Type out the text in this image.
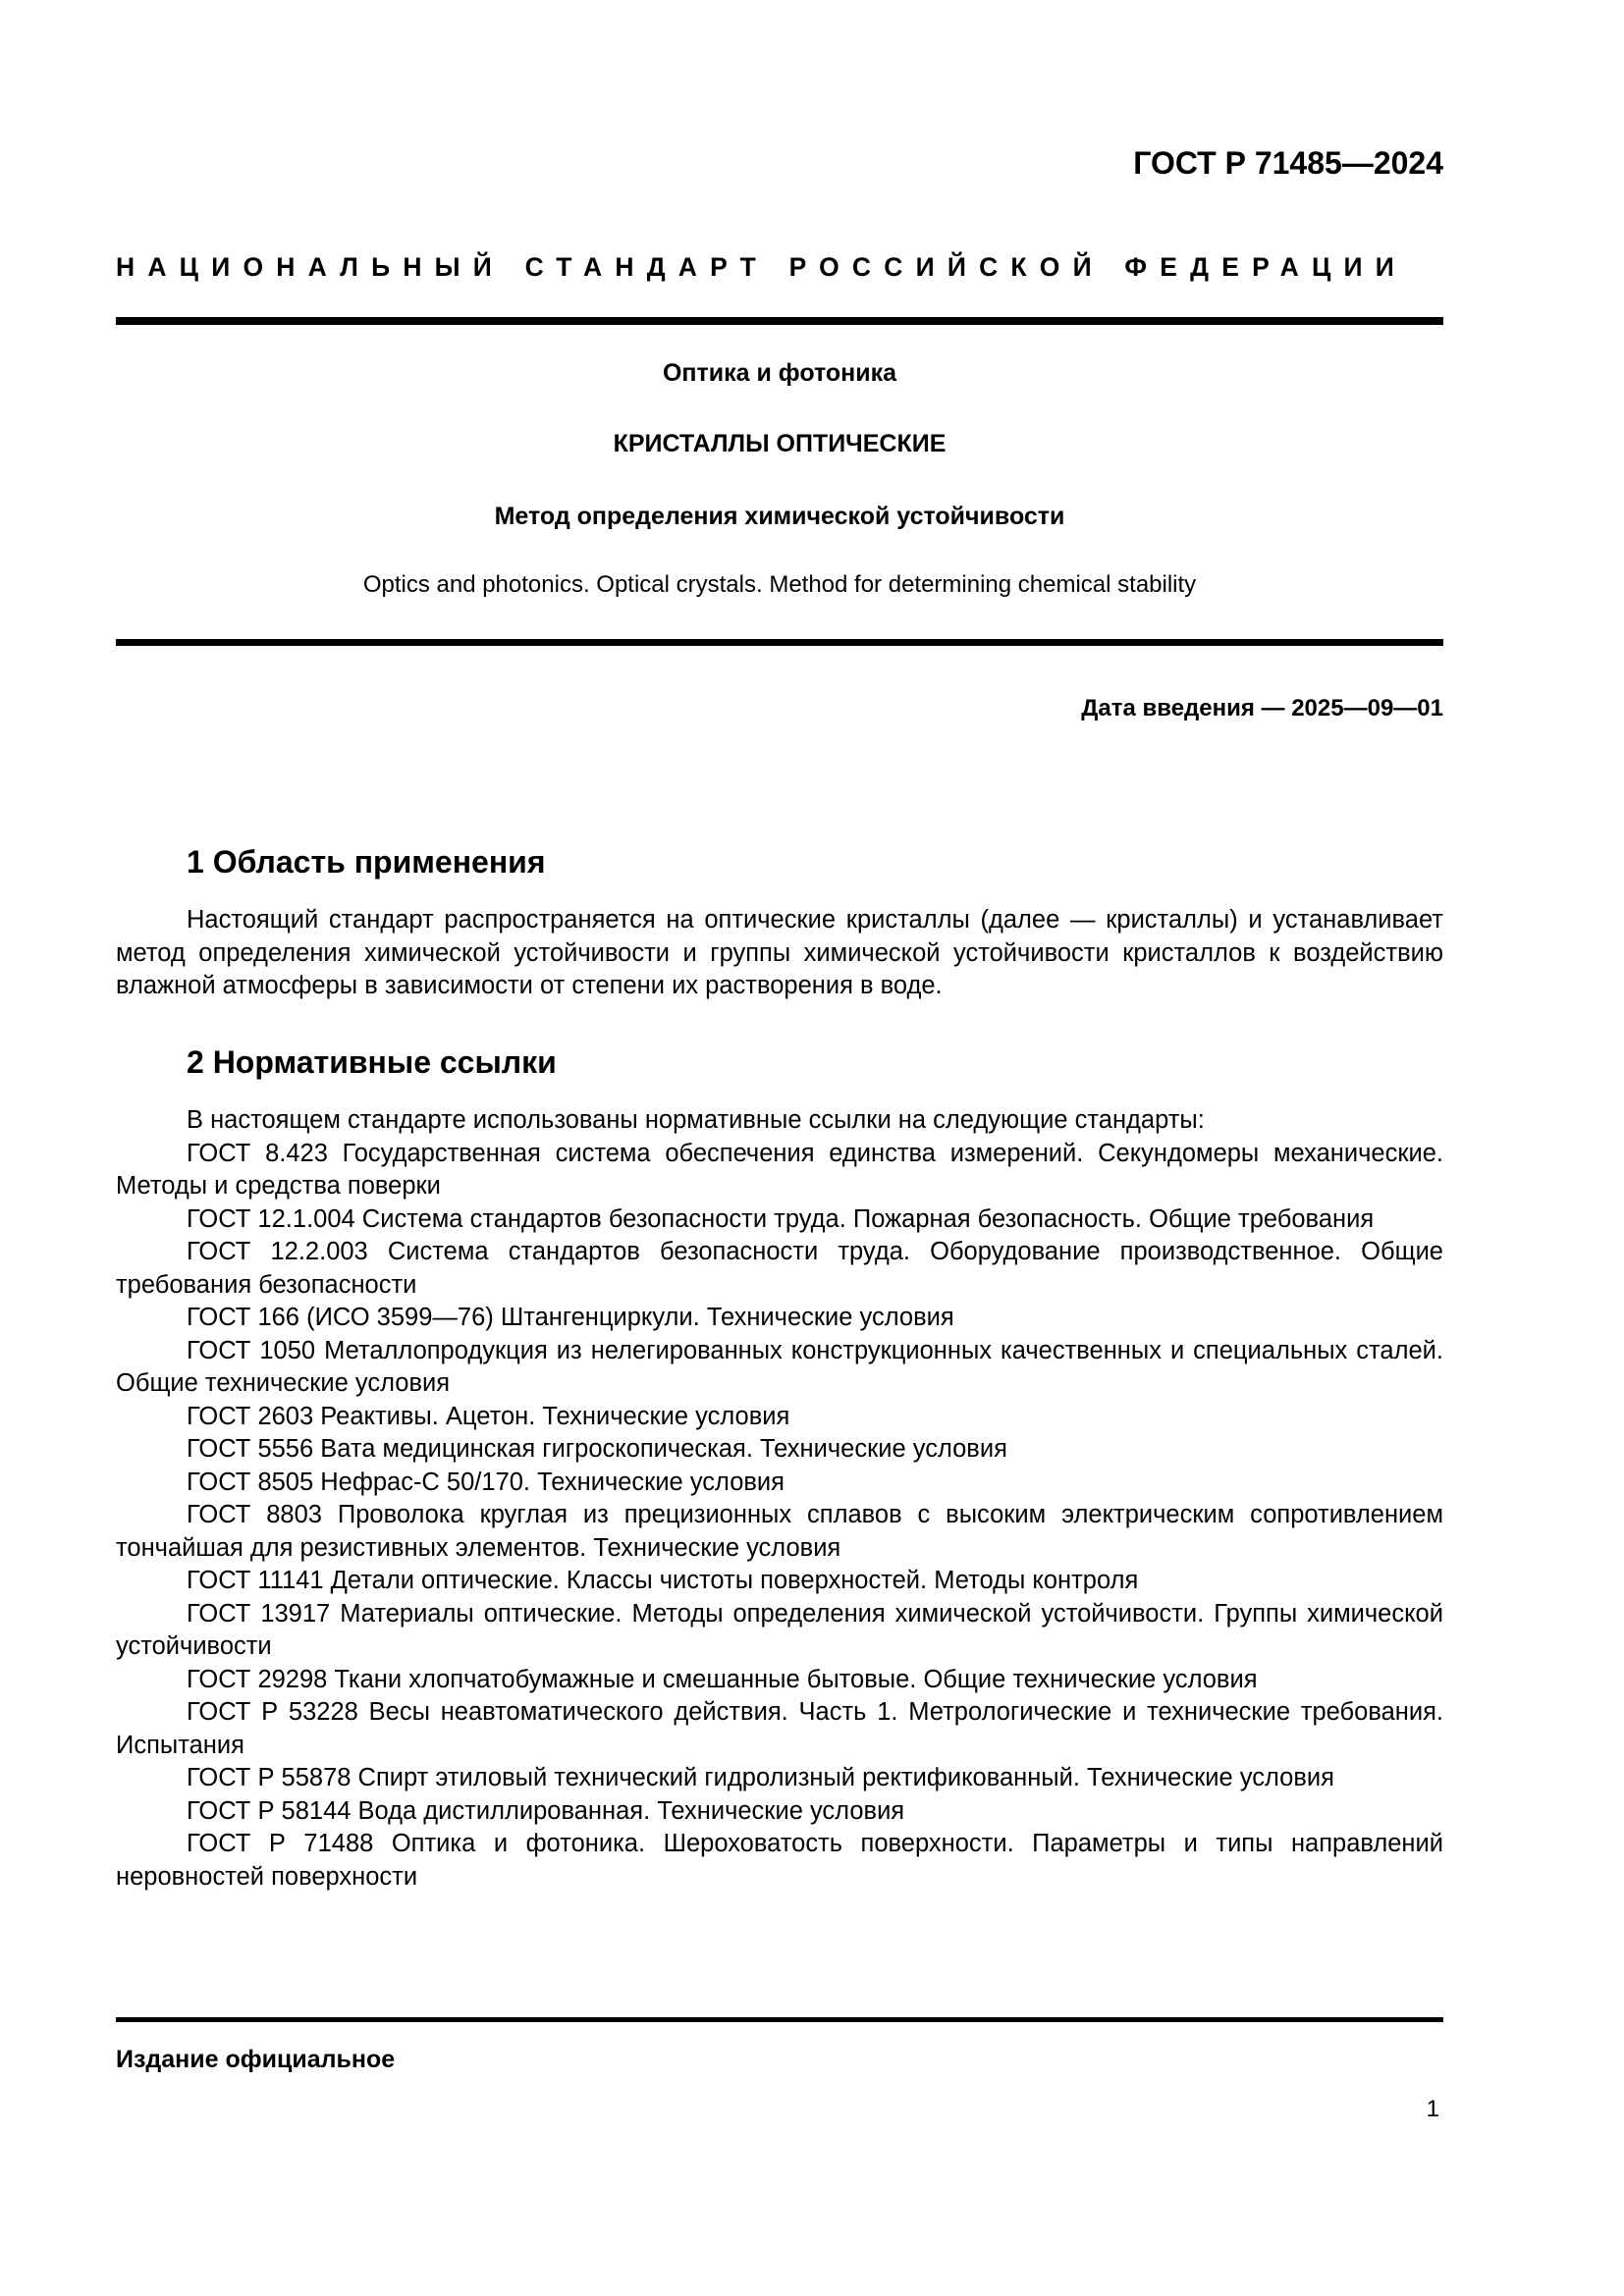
ГОСТ Р 71485—2024
НАЦИОНАЛЬНЫЙ СТАНДАРТ РОССИЙСКОЙ ФЕДЕРАЦИИ
Оптика и фотоника
КРИСТАЛЛЫ ОПТИЧЕСКИЕ
Метод определения химической устойчивости
Optics and photonics. Optical crystals. Method for determining chemical stability
Дата введения — 2025—09—01
1 Область применения

Настоящий стандарт распространяется на оптические кристаллы (далее — кристаллы) и устанавливает метод определения химической устойчивости и группы химической устойчивости кристаллов к воздействию влажной атмосферы в зависимости от степени их растворения в воде.

2 Нормативные ссылки

В настоящем стандарте использованы нормативные ссылки на следующие стандарты:

ГОСТ 8.423 Государственная система обеспечения единства измерений. Секундомеры механические. Методы и средства поверки

ГОСТ 12.1.004 Система стандартов безопасности труда. Пожарная безопасность. Общие требования

ГОСТ 12.2.003 Система стандартов безопасности труда. Оборудование производственное. Общие требования безопасности

ГОСТ 166 (ИСО 3599—76) Штангенциркули. Технические условия

ГОСТ 1050 Металлопродукция из нелегированных конструкционных качественных и специальных сталей. Общие технические условия

ГОСТ 2603 Реактивы. Ацетон. Технические условия

ГОСТ 5556 Вата медицинская гигроскопическая. Технические условия

ГОСТ 8505 Нефрас-С 50/170. Технические условия

ГОСТ 8803 Проволока круглая из прецизионных сплавов с высоким электрическим сопротивлением тончайшая для резистивных элементов. Технические условия

ГОСТ 11141 Детали оптические. Классы чистоты поверхностей. Методы контроля

ГОСТ 13917 Материалы оптические. Методы определения химической устойчивости. Группы химической устойчивости

ГОСТ 29298 Ткани хлопчатобумажные и смешанные бытовые. Общие технические условия

ГОСТ Р 53228 Весы неавтоматического действия. Часть 1. Метрологические и технические требования. Испытания

ГОСТ Р 55878 Спирт этиловый технический гидролизный ректификованный. Технические условия

ГОСТ Р 58144 Вода дистиллированная. Технические условия

ГОСТ Р 71488 Оптика и фотоника. Шероховатость поверхности. Параметры и типы направлений неровностей поверхности

Издание официальное
1
